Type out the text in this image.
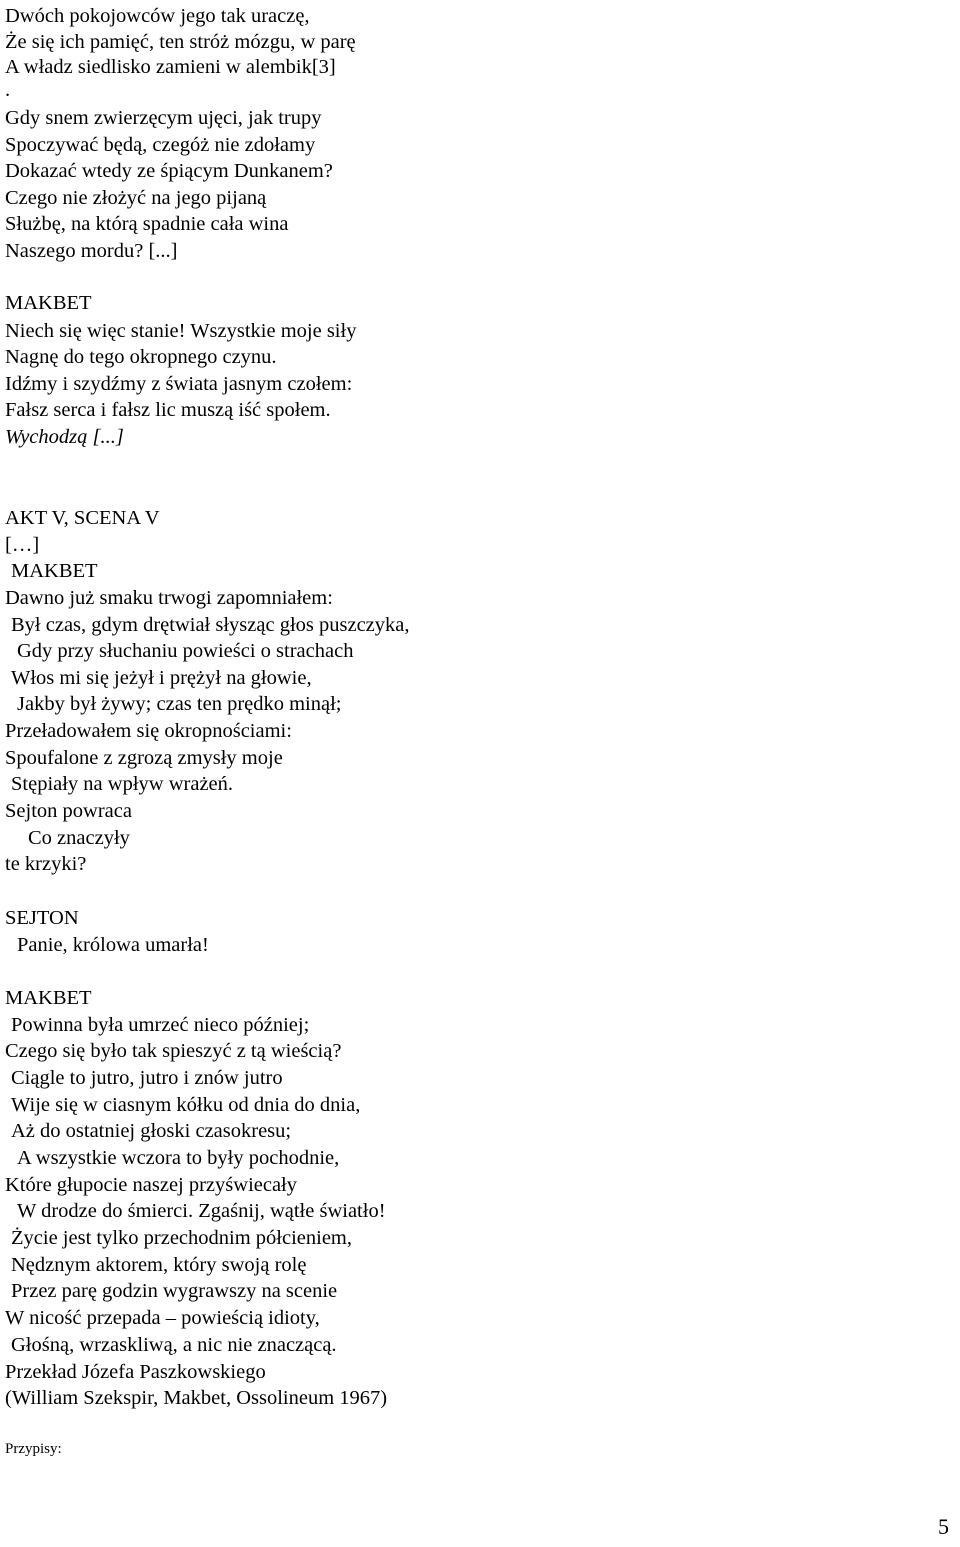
Dwóch pokojowców jego tak uraczę,
Że się ich pamięć, ten stróż mózgu, w parę
A władz siedlisko zamieni w alembik[3]
.
Gdy snem zwierzęcym ujęci, jak trupy
Spoczywać będą, czegóż nie zdołamy
Dokazać wtedy ze śpiącym Dunkanem?
Czego nie złożyć na jego pijaną
Służbę, na którą spadnie cała wina
Naszego mordu? [...]
MAKBET
Niech się więc stanie! Wszystkie moje siły
Nagnę do tego okropnego czynu.
Idźmy i szydźmy z świata jasnym czołem:
Fałsz serca i fałsz lic muszą iść społem.
Wychodzą [...]
AKT V, SCENA V
[…]
MAKBET
Dawno już smaku trwogi zapomniałem:
Był czas, gdym drętwiał słysząc głos puszczyka,
Gdy przy słuchaniu powieści o strachach
Włos mi się jeżył i prężył na głowie,
Jakby był żywy; czas ten prędko minął;
Przeładowałem się okropnościami:
Spoufalone z zgrozą zmysły moje
Stępiały na wpływ wrażeń.
Sejton powraca
Co znaczyły
te krzyki?
SEJTON
Panie, królowa umarła!
MAKBET
Powinna była umrzeć nieco później;
Czego się było tak spieszyć z tą wieścią?
Ciągle to jutro, jutro i znów jutro
Wije się w ciasnym kółku od dnia do dnia,
Aż do ostatniej głoski czasokresu;
A wszystkie wczora to były pochodnie,
Które głupocie naszej przyświecały
W drodze do śmierci. Zgaśnij, wątłe światło!
Życie jest tylko przechodnim półcieniem,
Nędznym aktorem, który swoją rolę
Przez parę godzin wygrawszy na scenie
W nicość przepada – powieścią idioty,
Głośną, wrzaskliwą, a nic nie znaczącą.
Przekład Józefa Paszkowskiego
(William Szekspir, Makbet, Ossolineum 1967)
Przypisy:
5
